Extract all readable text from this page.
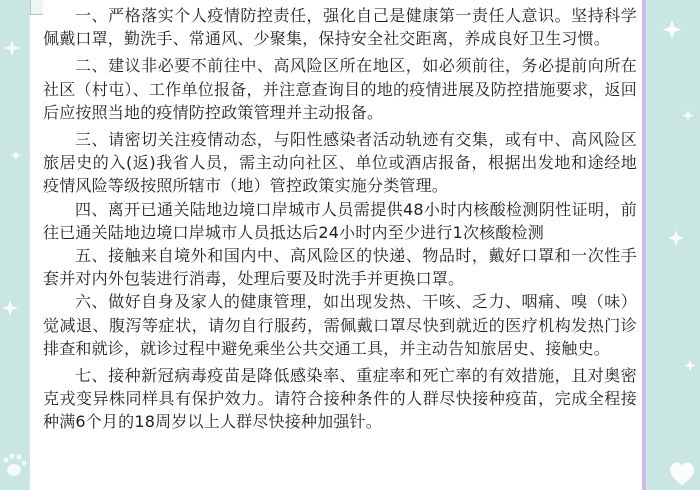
一、严格落实个人疫情防控责任，强化自己是健康第一责任人意识。坚持科学佩戴口罩，勤洗手、常通风、少聚集，保持安全社交距离，养成良好卫生习惯。

二、建议非必要不前往中、高风险区所在地区，如必须前往，务必提前向所在社区（村屯）、工作单位报备，并注意查询目的地的疫情进展及防控措施要求，返回后应按照当地的疫情防控政策管理并主动报备。

三、请密切关注疫情动态，与阳性感染者活动轨迹有交集，或有中、高风险区旅居史的入(返)我省人员，需主动向社区、单位或酒店报备，根据出发地和途经地疫情风险等级按照所辖市（地）管控政策实施分类管理。

四、离开已通关陆地边境口岸城市人员需提供48小时内核酸检测阴性证明，前往已通关陆地边境口岸城市人员抵达后24小时内至少进行1次核酸检测

五、接触来自境外和国内中、高风险区的快递、物品时，戴好口罩和一次性手套并对内外包装进行消毒，处理后要及时洗手并更换口罩。

六、做好自身及家人的健康管理，如出现发热、干咳、乏力、咽痛、嗅（味）觉减退、腹泻等症状，请勿自行服药，需佩戴口罩尽快到就近的医疗机构发热门诊排查和就诊，就诊过程中避免乘坐公共交通工具，并主动告知旅居史、接触史。

七、接种新冠病毒疫苗是降低感染率、重症率和死亡率的有效措施，且对奥密克戎变异株同样具有保护效力。请符合接种条件的人群尽快接种疫苗，完成全程接种满6个月的18周岁以上人群尽快接种加强针。
